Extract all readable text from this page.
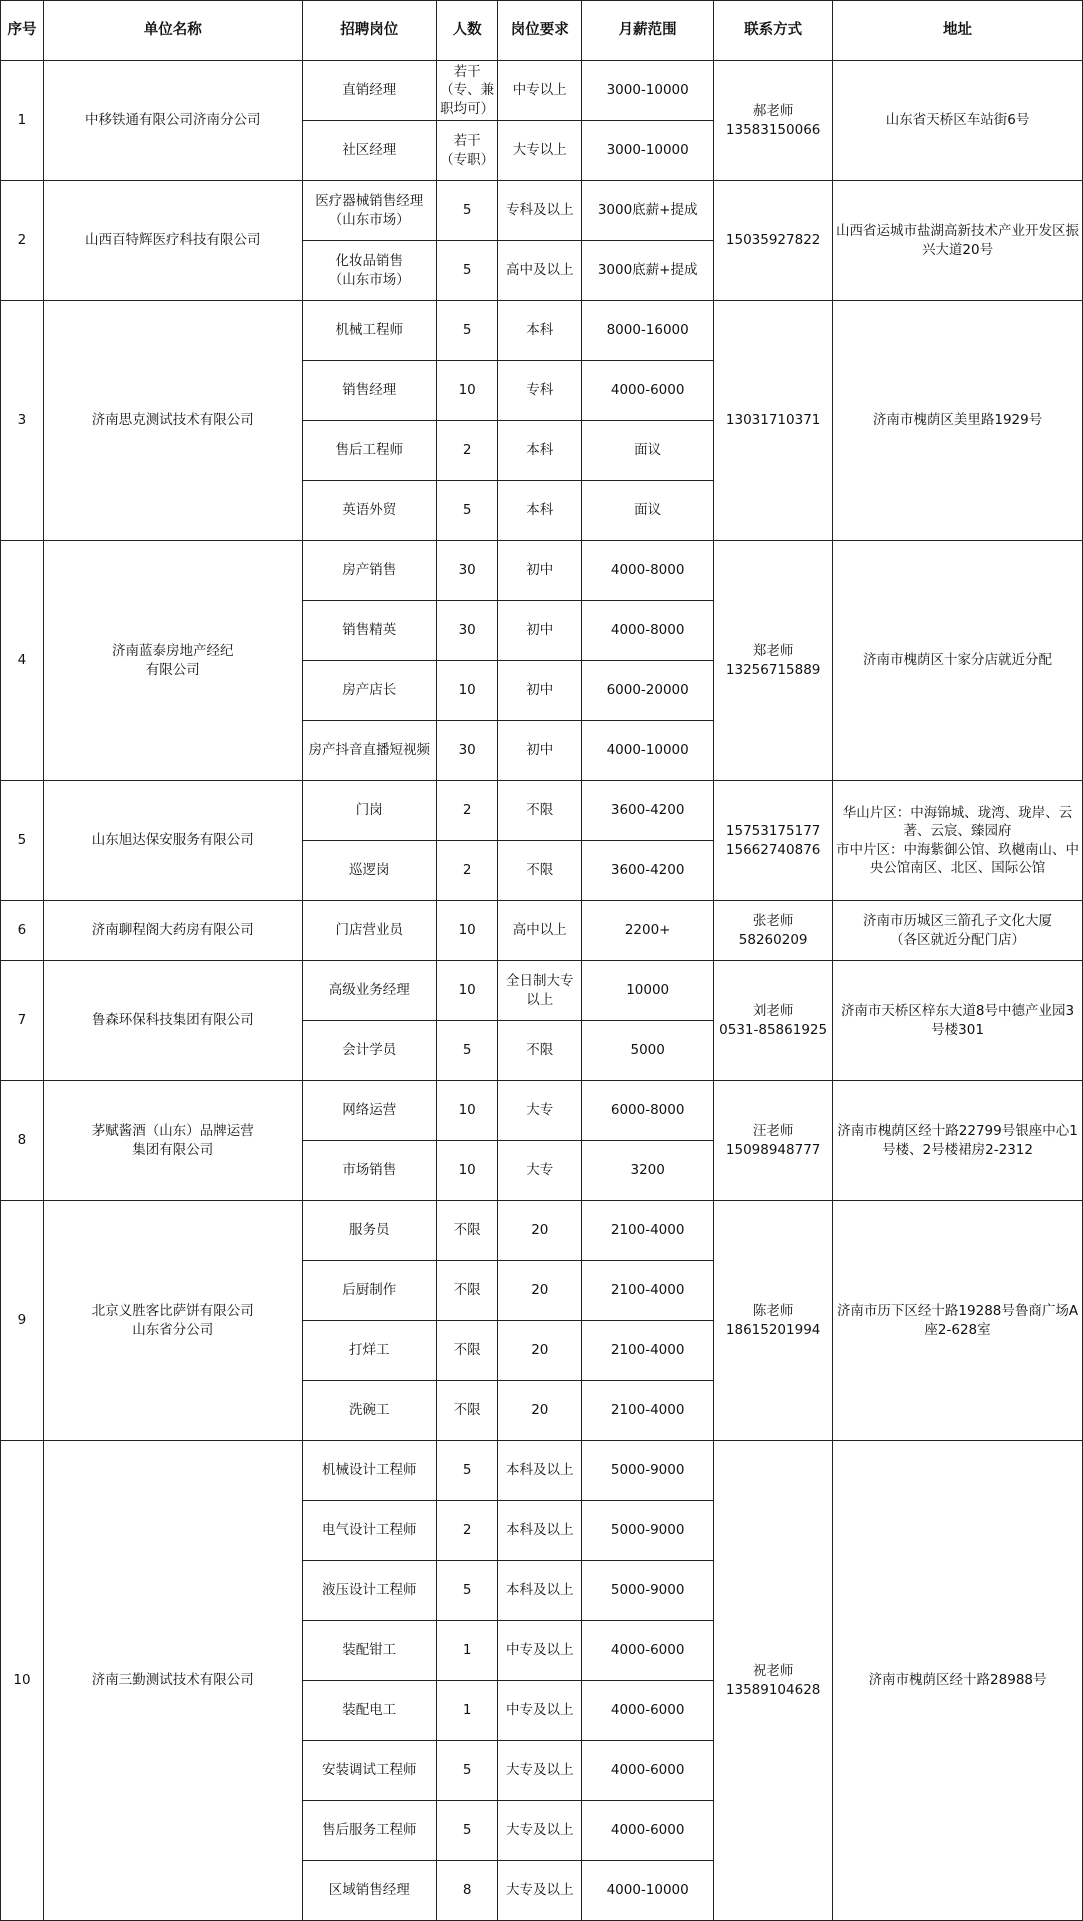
序号	单位名称	招聘岗位	人数	岗位要求	月薪范围	联系方式	地址
1	中移铁通有限公司济南分公司	直销经理	若干
（专、兼职均可）	中专以上	3000-10000	郝老师
13583150066	山东省天桥区车站街6号
		社区经理	若干
（专职）	大专以上	3000-10000		
2	山西百特辉医疗科技有限公司	医疗器械销售经理
（山东市场）	5	专科及以上	3000底薪+提成	15035927822	山西省运城市盐湖高新技术产业开发区振兴大道20号
		化妆品销售
（山东市场）	5	高中及以上	3000底薪+提成		
3	济南思克测试技术有限公司	机械工程师	5	本科	8000-16000	13031710371	济南市槐荫区美里路1929号
		销售经理	10	专科	4000-6000		
		售后工程师	2	本科	面议		
		英语外贸	5	本科	面议		
4	济南蓝泰房地产经纪
有限公司	房产销售	30	初中	4000-8000	郑老师
13256715889	济南市槐荫区十家分店就近分配
		销售精英	30	初中	4000-8000		
		房产店长	10	初中	6000-20000		
		房产抖音直播短视频	30	初中	4000-10000		
5	山东旭达保安服务有限公司	门岗	2	不限	3600-4200	15753175177
15662740876	华山片区：中海锦城、珑湾、珑岸、云著、云宸、臻园府
市中片区：中海紫御公馆、玖樾南山、中央公馆南区、北区、国际公馆
		巡逻岗	2	不限	3600-4200		
6	济南聊程阁大药房有限公司	门店营业员	10	高中以上	2200+	张老师
58260209	济南市历城区三箭孔子文化大厦
（各区就近分配门店）
7	鲁森环保科技集团有限公司	高级业务经理	10	全日制大专以上	10000	刘老师
0531-85861925	济南市天桥区梓东大道8号中德产业园3号楼301
		会计学员	5	不限	5000		
8	茅赋酱酒（山东）品牌运营
集团有限公司	网络运营	10	大专	6000-8000	汪老师
15098948777	济南市槐荫区经十路22799号银座中心1号楼、2号楼裙房2-2312
		市场销售	10	大专	3200		
9	北京义胜客比萨饼有限公司
山东省分公司	服务员	不限	20	2100-4000	陈老师
18615201994	济南市历下区经十路19288号鲁商广场A座2-628室
		后厨制作	不限	20	2100-4000		
		打烊工	不限	20	2100-4000		
		洗碗工	不限	20	2100-4000		
10	济南三勤测试技术有限公司	机械设计工程师	5	本科及以上	5000-9000	祝老师
13589104628	济南市槐荫区经十路28988号
		电气设计工程师	2	本科及以上	5000-9000		
		液压设计工程师	5	本科及以上	5000-9000		
		装配钳工	1	中专及以上	4000-6000		
		装配电工	1	中专及以上	4000-6000		
		安装调试工程师	5	大专及以上	4000-6000		
		售后服务工程师	5	大专及以上	4000-6000		
		区域销售经理	8	大专及以上	4000-10000		
